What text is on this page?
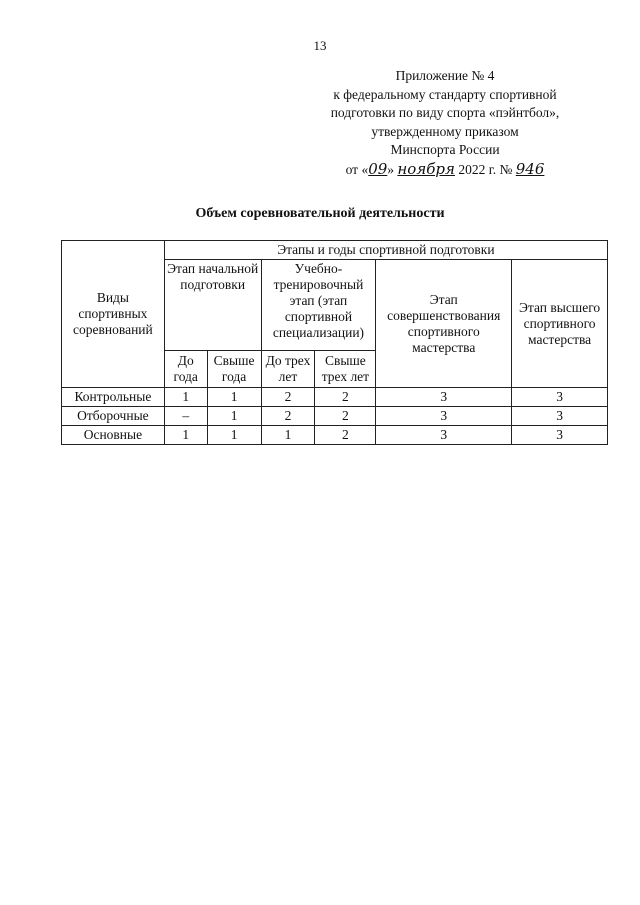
13
Приложение № 4
к федеральному стандарту спортивной
подготовки по виду спорта «пэйнтбол»,
утвержденному приказом
Минспорта России
от «09» ноября 2022 г. № 946
Объем соревновательной деятельности
Виды спортивных соревнований	Этапы и годы спортивной подготовки					
	Этап начальной подготовки		Учебно-тренировочный этап (этап спортивной специализации)		Этап совершенствования спортивного мастерства	Этап высшего спортивного мастерства
	До года	Свыше года	До трех лет	Свыше трех лет		
Контрольные	1	1	2	2	3	3
Отборочные	–	1	2	2	3	3
Основные	1	1	1	2	3	3
